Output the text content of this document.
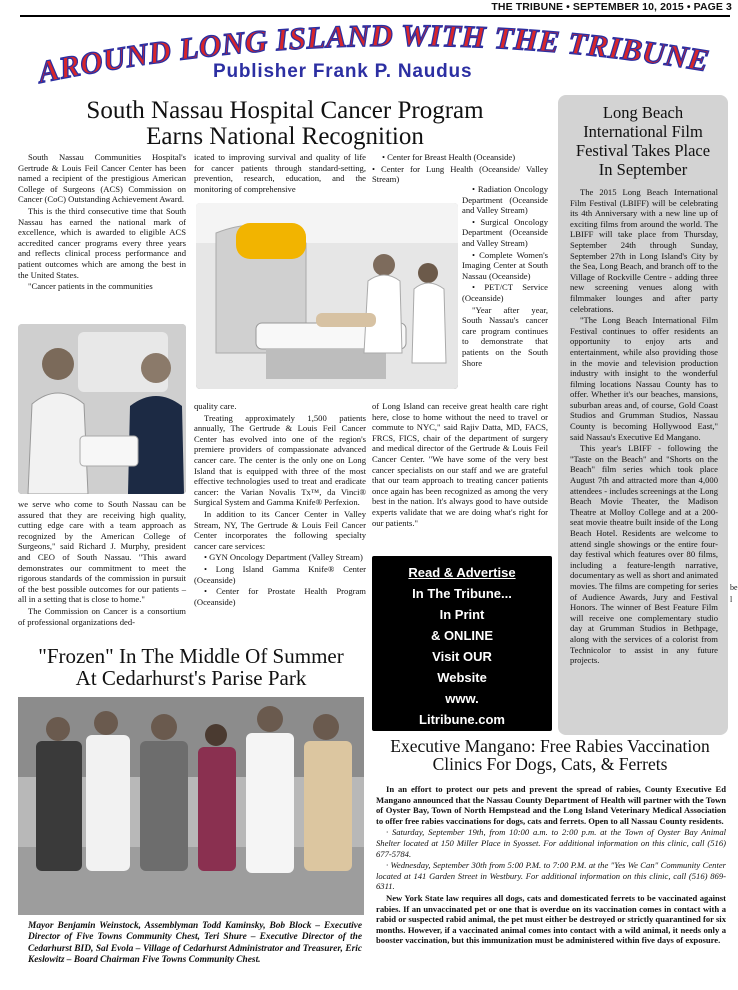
THE TRIBUNE • SEPTEMBER 10, 2015 • PAGE 3
AROUND LONG ISLAND WITH THE TRIBUNE
Publisher Frank P. Naudus
South Nassau Hospital Cancer Program
Earns National Recognition

South Nassau Communities Hospital's Gertrude & Louis Feil Cancer Center has been named a recipient of the prestigious American College of Surgeons (ACS) Commission on Cancer (CoC) Outstanding Achievement Award.

This is the third consecutive time that South Nassau has earned the national mark of excellence, which is awarded to eligible ACS accredited cancer programs every three years and reflects clinical process performance and patient outcomes which are among the best in the United States.

"Cancer patients in the communities

we serve who come to South Nassau can be assured that they are receiving high quality, cutting edge care with a team approach as recognized by the American College of Surgeons," said Richard J. Murphy, president and CEO of South Nassau. "This award demonstrates our commitment to meet the rigorous standards of the commission in pursuit of the best possible outcomes for our patients – all in a setting that is close to home."

The Commission on Cancer is a consortium of professional organizations ded-

icated to improving survival and quality of life for cancer patients through standard-setting, prevention, research, education, and the monitoring of comprehensive

quality care.

Treating approximately 1,500 patients annually, The Gertrude & Louis Feil Cancer Center has evolved into one of the region's premiere providers of compassionate advanced cancer care. The center is the only one on Long Island that is equipped with three of the most effective technologies used to treat and eradicate cancer: the Varian Novalis Tx™, da Vinci® Surgical System and Gamma Knife® Perfexion.

In addition to its Cancer Center in Valley Stream, NY, The Gertrude & Louis Feil Cancer Center incorporates the following specialty cancer care services:

• GYN Oncology Department (Valley Stream)

• Long Island Gamma Knife® Center (Oceanside)

• Center for Prostate Health Program (Oceanside)

• Center for Breast Health (Oceanside)

• Center for Lung Health (Oceanside/ Valley Stream)

• Radiation Oncology Department (Oceanside and Valley Stream)

• Surgical Oncology Department (Oceanside and Valley Stream)

• Complete Women's Imaging Center at South Nassau (Oceanside)

• PET/CT Service (Oceanside)

"Year after year, South Nassau's cancer care program continues to demonstrate that patients on the South Shore

of Long Island can receive great health care right here, close to home without the need to travel or commute to NYC," said Rajiv Datta, MD, FACS, FRCS, FICS, chair of the department of surgery and medical director of the Gertrude & Louis Feil Cancer Center. "We have some of the very best cancer specialists on our staff and we are grateful that our team approach to treating cancer patients once again has been recognized as among the very best in the nation. It's always good to have outside experts validate that we are doing what's right for our patients."

Read & Advertise
In The Tribune...
In Print
& ONLINE
Visit OUR
Website
www.
Litribune.com
"Frozen" In The Middle Of Summer
At Cedarhurst's Parise Park
Mayor Benjamin Weinstock, Assemblyman Todd Kaminsky, Bob Block – Executive Director of Five Towns Community Chest, Teri Shure – Executive Director of the Cedarhurst BID, Sal Evola – Village of Cedarhurst Administrator and Treasurer, Eric Keslowitz – Board Chairman Five Towns Community Chest.
Long Beach
International Film
Festival Takes Place
In September

The 2015 Long Beach International Film Festival (LBIFF) will be celebrating its 4th Anniversary with a new line up of exciting films from around the world. The LBIFF will take place from Thursday, September 24th through Sunday, September 27th in Long Island's City by the Sea, Long Beach, and branch off to the Village of Rockville Centre - adding three new screening venues along with filmmaker lounges and after party celebrations.

"The Long Beach International Film Festival continues to offer residents an opportunity to enjoy arts and entertainment, while also providing those in the movie and television production industry with insight to the wonderful filming locations Nassau County has to offer. Whether it's our beaches, mansions, suburban areas and, of course, Gold Coast Studios and Grumman Studios, Nassau County is becoming Hollywood East," said Nassau's Executive Ed Mangano.

This year's LBIFF - following the "Taste on the Beach" and "Shorts on the Beach" film series which took place August 7th and attracted more than 4,000 attendees - includes screenings at the Long Beach Movie Theater, the Madison Theatre at Molloy College and at a 200-seat movie theatre built inside of the Long Beach Hotel. Residents are welcome to attend single showings or the entire four-day festival which features over 80 films, including a feature-length narrative, documentary as well as short and animated movies. The films are competing for series of Audience Awards, Jury and Festival Honors. The winner of Best Feature Film will receive one complementary studio day at Grumman Studios in Bethpage, along with the services of a colorist from Technicolor to assist in any future projects.

be
l
Executive Mangano: Free Rabies Vaccination
Clinics For Dogs, Cats, & Ferrets

In an effort to protect our pets and prevent the spread of rabies, County Executive Ed Mangano announced that the Nassau County Department of Health will partner with the Town of Oyster Bay, Town of North Hempstead and the Long Island Veterinary Medical Association to offer free rabies vaccinations for dogs, cats and ferrets. Open to all Nassau County residents.

· Saturday, September 19th, from 10:00 a.m. to 2:00 p.m. at the Town of Oyster Bay Animal Shelter located at 150 Miller Place in Syosset. For additional information on this clinic, call (516) 677-5784.

· Wednesday, September 30th from 5:00 P.M. to 7:00 P.M. at the "Yes We Can" Community Center located at 141 Garden Street in Westbury. For additional information on this clinic, call (516) 869-6311.

New York State law requires all dogs, cats and domesticated ferrets to be vaccinated against rabies. If an unvaccinated pet or one that is overdue on its vaccination comes in contact with a rabid or suspected rabid animal, the pet must either be destroyed or strictly quarantined for six months. However, if a vaccinated animal comes into contact with a wild animal, it needs only a booster vaccination, but this immunization must be administered within five days of exposure.
